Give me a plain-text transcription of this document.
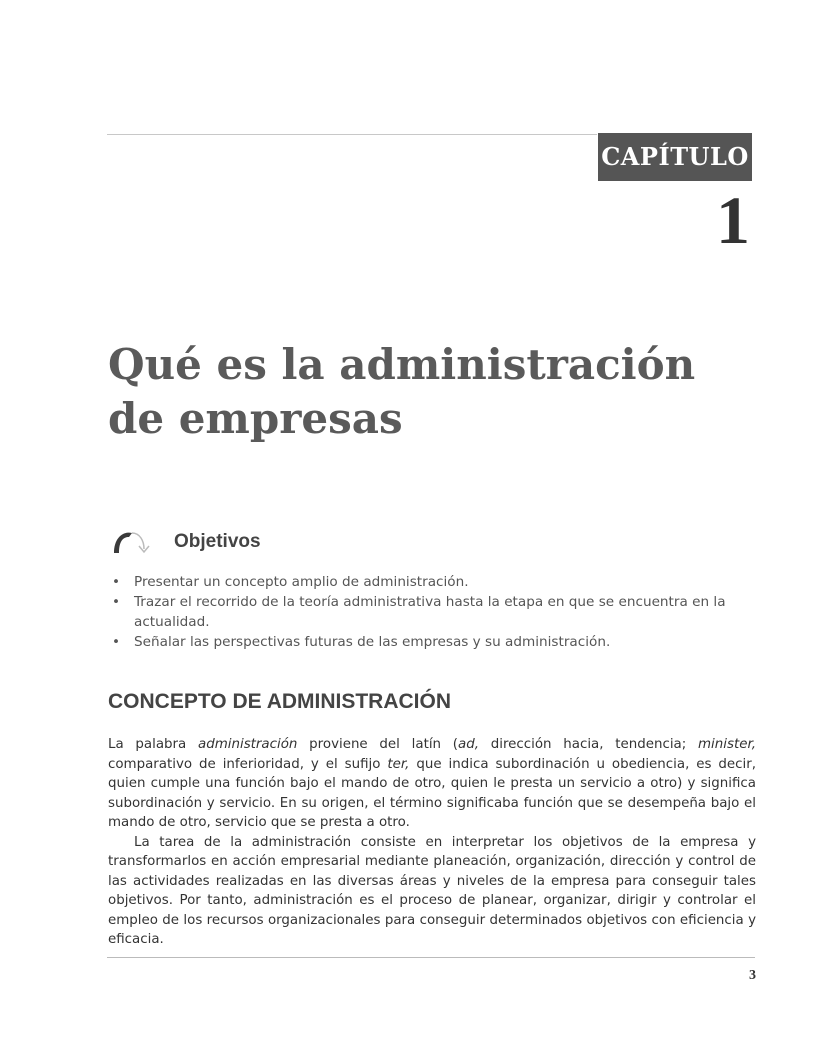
CAPÍTULO
1
Qué es la administración
de empresas
Objetivos
• Presentar un concepto amplio de administración.
• Trazar el recorrido de la teoría administrativa hasta la etapa en que se encuentra en la actualidad.
• Señalar las perspectivas futuras de las empresas y su administración.
CONCEPTO DE ADMINISTRACIÓN

La palabra administración proviene del latín (ad, dirección hacia, tendencia; minister, comparativo de inferioridad, y el sufijo ter, que indica subordinación u obediencia, es decir, quien cumple una función bajo el mando de otro, quien le presta un servicio a otro) y significa subordinación y servicio. En su origen, el término significaba función que se desempeña bajo el mando de otro, servicio que se presta a otro.

La tarea de la administración consiste en interpretar los objetivos de la empresa y transformarlos en acción empresarial mediante planeación, organización, dirección y control de las actividades realizadas en las diversas áreas y niveles de la empresa para conseguir tales objetivos. Por tanto, administración es el proceso de planear, organizar, dirigir y controlar el empleo de los recursos organizacionales para conseguir determinados objetivos con eficiencia y eficacia.

3
